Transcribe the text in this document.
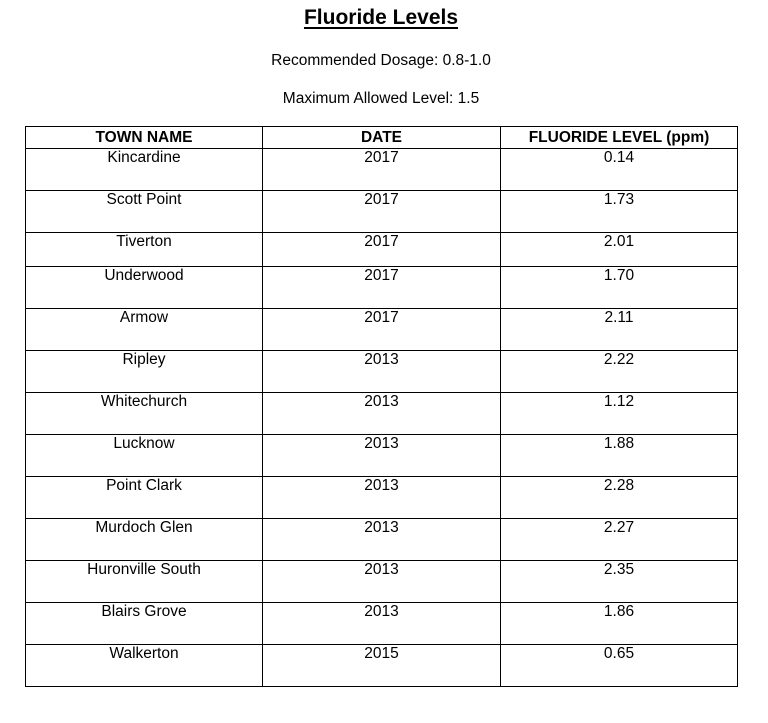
Fluoride Levels

Recommended Dosage: 0.8-1.0

Maximum Allowed Level: 1.5

TOWN NAME	DATE	FLUORIDE LEVEL (ppm)
Kincardine	2017	0.14
Scott Point	2017	1.73
Tiverton	2017	2.01
Underwood	2017	1.70
Armow	2017	2.11
Ripley	2013	2.22
Whitechurch	2013	1.12
Lucknow	2013	1.88
Point Clark	2013	2.28
Murdoch Glen	2013	2.27
Huronville South	2013	2.35
Blairs Grove	2013	1.86
Walkerton	2015	0.65
